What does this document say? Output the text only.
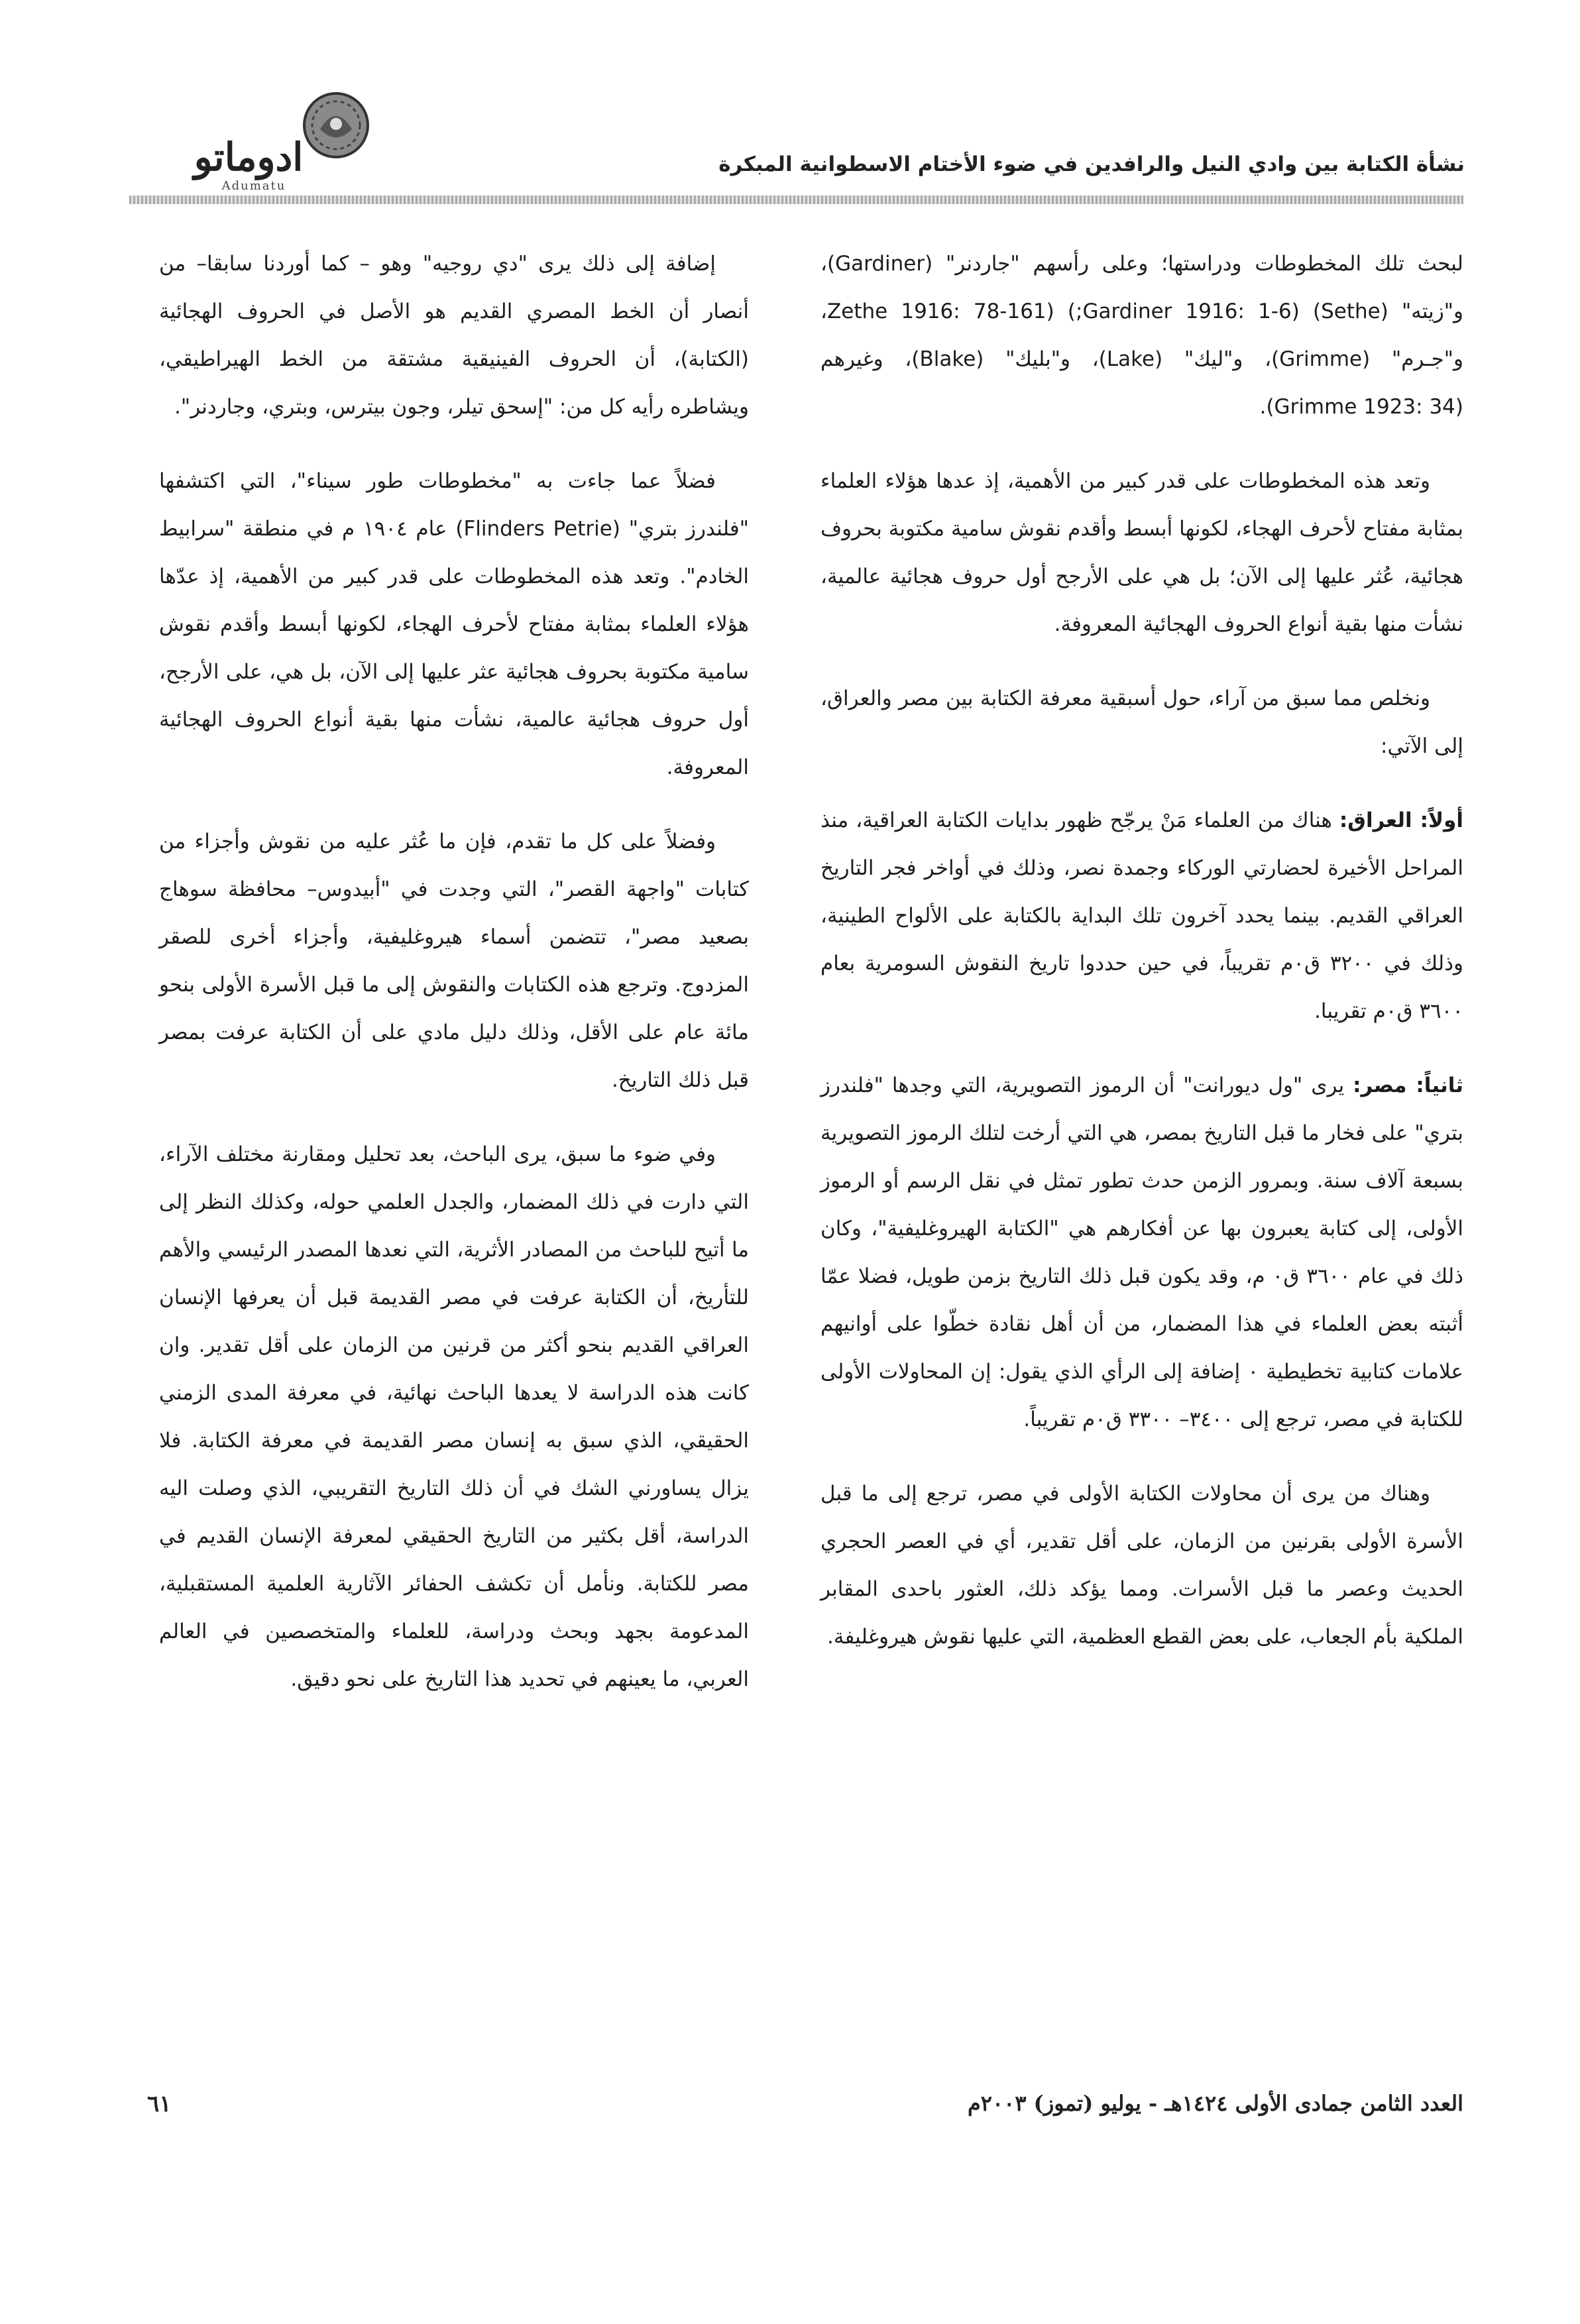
ادوماتو
Adumatu
نشأة الكتابة بين وادي النيل والرافدين في ضوء الأختام الاسطوانية المبكرة

لبحث تلك المخطوطات ودراستها؛ وعلى رأسهم "جاردنر" (Gardiner)، و"زيته" (Sethe) (Gardiner 1916: 1-6;) (Zethe 1916: 78-161، و"جـرم" (Grimme)، و"ليك" (Lake)، و"بليك" (Blake)، وغيرهم (Grimme 1923: 34).

وتعد هذه المخطوطات على قدر كبير من الأهمية، إذ عدها هؤلاء العلماء بمثابة مفتاح لأحرف الهجاء، لكونها أبسط وأقدم نقوش سامية مكتوبة بحروف هجائية، عُثر عليها إلى الآن؛ بل هي على الأرجح أول حروف هجائية عالمية، نشأت منها بقية أنواع الحروف الهجائية المعروفة.

ونخلص مما سبق من آراء، حول أسبقية معرفة الكتابة بين مصر والعراق، إلى الآتي:

أولاً: العراق: هناك من العلماء مَنْ يرجّح ظهور بدايات الكتابة العراقية، منذ المراحل الأخيرة لحضارتي الوركاء وجمدة نصر، وذلك في أواخر فجر التاريخ العراقي القديم. بينما يحدد آخرون تلك البداية بالكتابة على الألواح الطينية، وذلك في ٣٢٠٠ ق٠م تقريباً، في حين حددوا تاريخ النقوش السومرية بعام ٣٦٠٠ ق٠م تقريبا.

ثانياً: مصر: يرى "ول ديورانت" أن الرموز التصويرية، التي وجدها "فلندرز بتري" على فخار ما قبل التاريخ بمصر، هي التي أرخت لتلك الرموز التصويرية بسبعة آلاف سنة. وبمرور الزمن حدث تطور تمثل في نقل الرسم أو الرموز الأولى، إلى كتابة يعبرون بها عن أفكارهم هي "الكتابة الهيروغليفية"، وكان ذلك في عام ٣٦٠٠ ق٠ م، وقد يكون قبل ذلك التاريخ بزمن طويل، فضلا عمّا أثبته بعض العلماء في هذا المضمار، من أن أهل نقادة خطّوا على أوانيهم علامات كتابية تخطيطية ٠ إضافة إلى الرأي الذي يقول: إن المحاولات الأولى للكتابة في مصر، ترجع إلى ٣٤٠٠– ٣٣٠٠ ق٠م تقريباً.

وهناك من يرى أن محاولات الكتابة الأولى في مصر، ترجع إلى ما قبل الأسرة الأولى بقرنين من الزمان، على أقل تقدير، أي في العصر الحجري الحديث وعصر ما قبل الأسرات. ومما يؤكد ذلك، العثور باحدى المقابر الملكية بأم الجعاب، على بعض القطع العظمية، التي عليها نقوش هيروغليفة.

إضافة إلى ذلك يرى "دي روجيه" وهو – كما أوردنا سابقا– من أنصار أن الخط المصري القديم هو الأصل في الحروف الهجائية (الكتابة)، أن الحروف الفينيقية مشتقة من الخط الهيراطيقي، ويشاطره رأيه كل من: "إسحق تيلر، وجون بيترس، وبتري، وجاردنر".

فضلاً عما جاءت به "مخطوطات طور سيناء"، التي اكتشفها "فلندرز بتري" (Flinders Petrie) عام ١٩٠٤ م في منطقة "سرابيط الخادم". وتعد هذه المخطوطات على قدر كبير من الأهمية، إذ عدّها هؤلاء العلماء بمثابة مفتاح لأحرف الهجاء، لكونها أبسط وأقدم نقوش سامية مكتوبة بحروف هجائية عثر عليها إلى الآن، بل هي، على الأرجح، أول حروف هجائية عالمية، نشأت منها بقية أنواع الحروف الهجائية المعروفة.

وفضلاً على كل ما تقدم، فإن ما عُثر عليه من نقوش وأجزاء من كتابات "واجهة القصر"، التي وجدت في "أبيدوس– محافظة سوهاج بصعيد مصر"، تتضمن أسماء هيروغليفية، وأجزاء أخرى للصقر المزدوج. وترجع هذه الكتابات والنقوش إلى ما قبل الأسرة الأولى بنحو مائة عام على الأقل، وذلك دليل مادي على أن الكتابة عرفت بمصر قبل ذلك التاريخ.

وفي ضوء ما سبق، يرى الباحث، بعد تحليل ومقارنة مختلف الآراء، التي دارت في ذلك المضمار، والجدل العلمي حوله، وكذلك النظر إلى ما أتيح للباحث من المصادر الأثرية، التي نعدها المصدر الرئيسي والأهم للتأريخ، أن الكتابة عرفت في مصر القديمة قبل أن يعرفها الإنسان العراقي القديم بنحو أكثر من قرنين من الزمان على أقل تقدير. وان كانت هذه الدراسة لا يعدها الباحث نهائية، في معرفة المدى الزمني الحقيقي، الذي سبق به إنسان مصر القديمة في معرفة الكتابة. فلا يزال يساورني الشك في أن ذلك التاريخ التقريبي، الذي وصلت اليه الدراسة، أقل بكثير من التاريخ الحقيقي لمعرفة الإنسان القديم في مصر للكتابة. ونأمل أن تكشف الحفائر الآثارية العلمية المستقبلية، المدعومة بجهد وبحث ودراسة، للعلماء والمتخصصين في العالم العربي، ما يعينهم في تحديد هذا التاريخ على نحو دقيق.

العدد الثامن جمادى الأولى ١٤٢٤هـ - يوليو (تموز) ٢٠٠٣م
٦١
